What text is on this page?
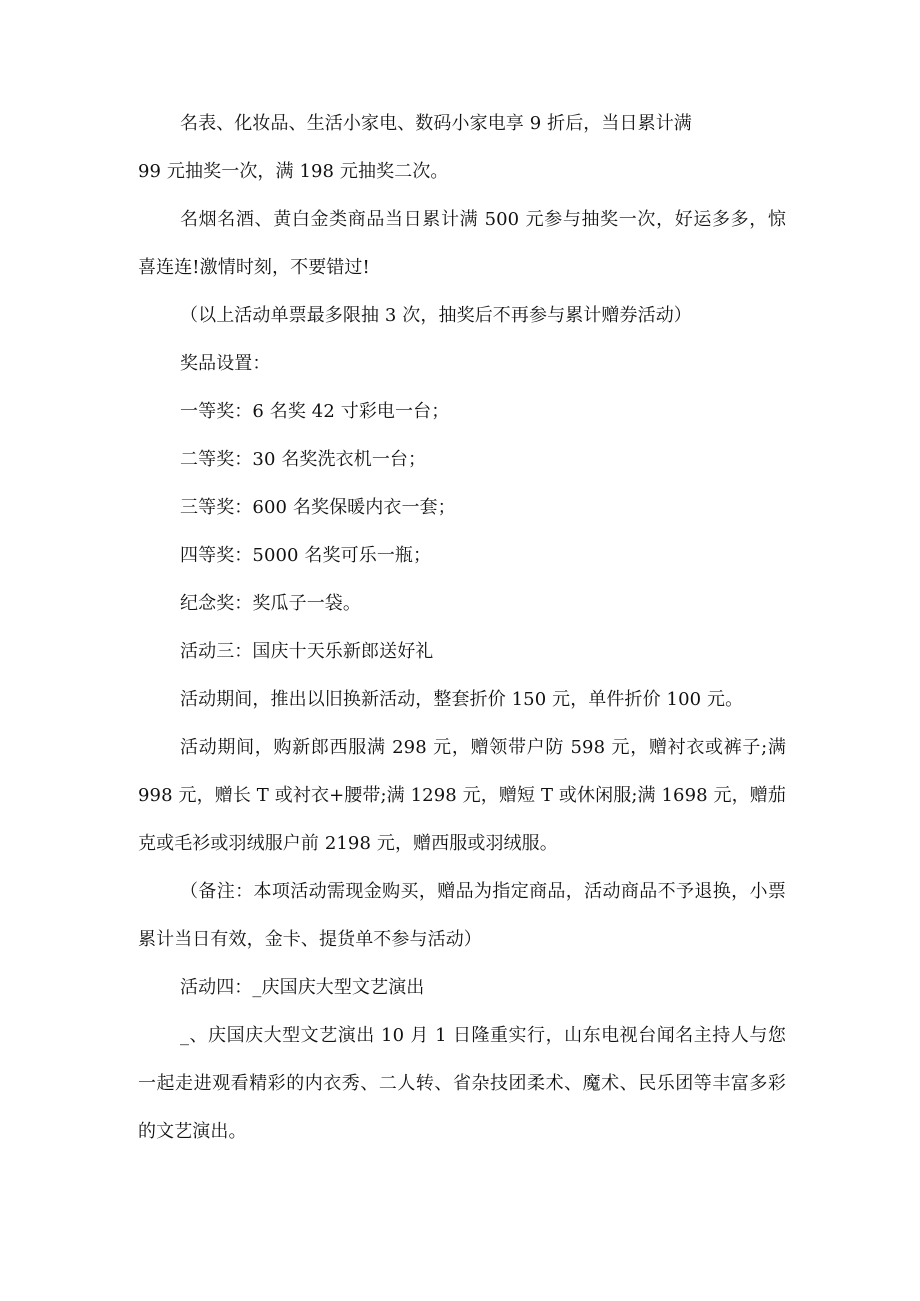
名表、化妆品、生活小家电、数码小家电享 9 折后，当日累计满

99 元抽奖一次，满 198 元抽奖二次。

名烟名酒、黄白金类商品当日累计满 500 元参与抽奖一次，好运多多，惊喜连连!激情时刻，不要错过!

（以上活动单票最多限抽 3 次，抽奖后不再参与累计赠券活动）

奖品设置：

一等奖：6 名奖 42 寸彩电一台；

二等奖：30 名奖洗衣机一台；

三等奖：600 名奖保暖内衣一套；

四等奖：5000 名奖可乐一瓶；

纪念奖：奖瓜子一袋。

活动三：国庆十天乐新郎送好礼

活动期间，推出以旧换新活动，整套折价 150 元，单件折价 100 元。

活动期间，购新郎西服满 298 元，赠领带户防 598 元，赠衬衣或裤子;满 998 元，赠长 T 或衬衣+腰带;满 1298 元，赠短 T 或休闲服;满 1698 元，赠茄克或毛衫或羽绒服户前 2198 元，赠西服或羽绒服。

（备注：本项活动需现金购买，赠品为指定商品，活动商品不予退换，小票累计当日有效，金卡、提货单不参与活动）

活动四：_庆国庆大型文艺演出

_、庆国庆大型文艺演出 10 月 1 日隆重实行，山东电视台闻名主持人与您一起走进观看精彩的内衣秀、二人转、省杂技团柔术、魔术、民乐团等丰富多彩的文艺演出。
